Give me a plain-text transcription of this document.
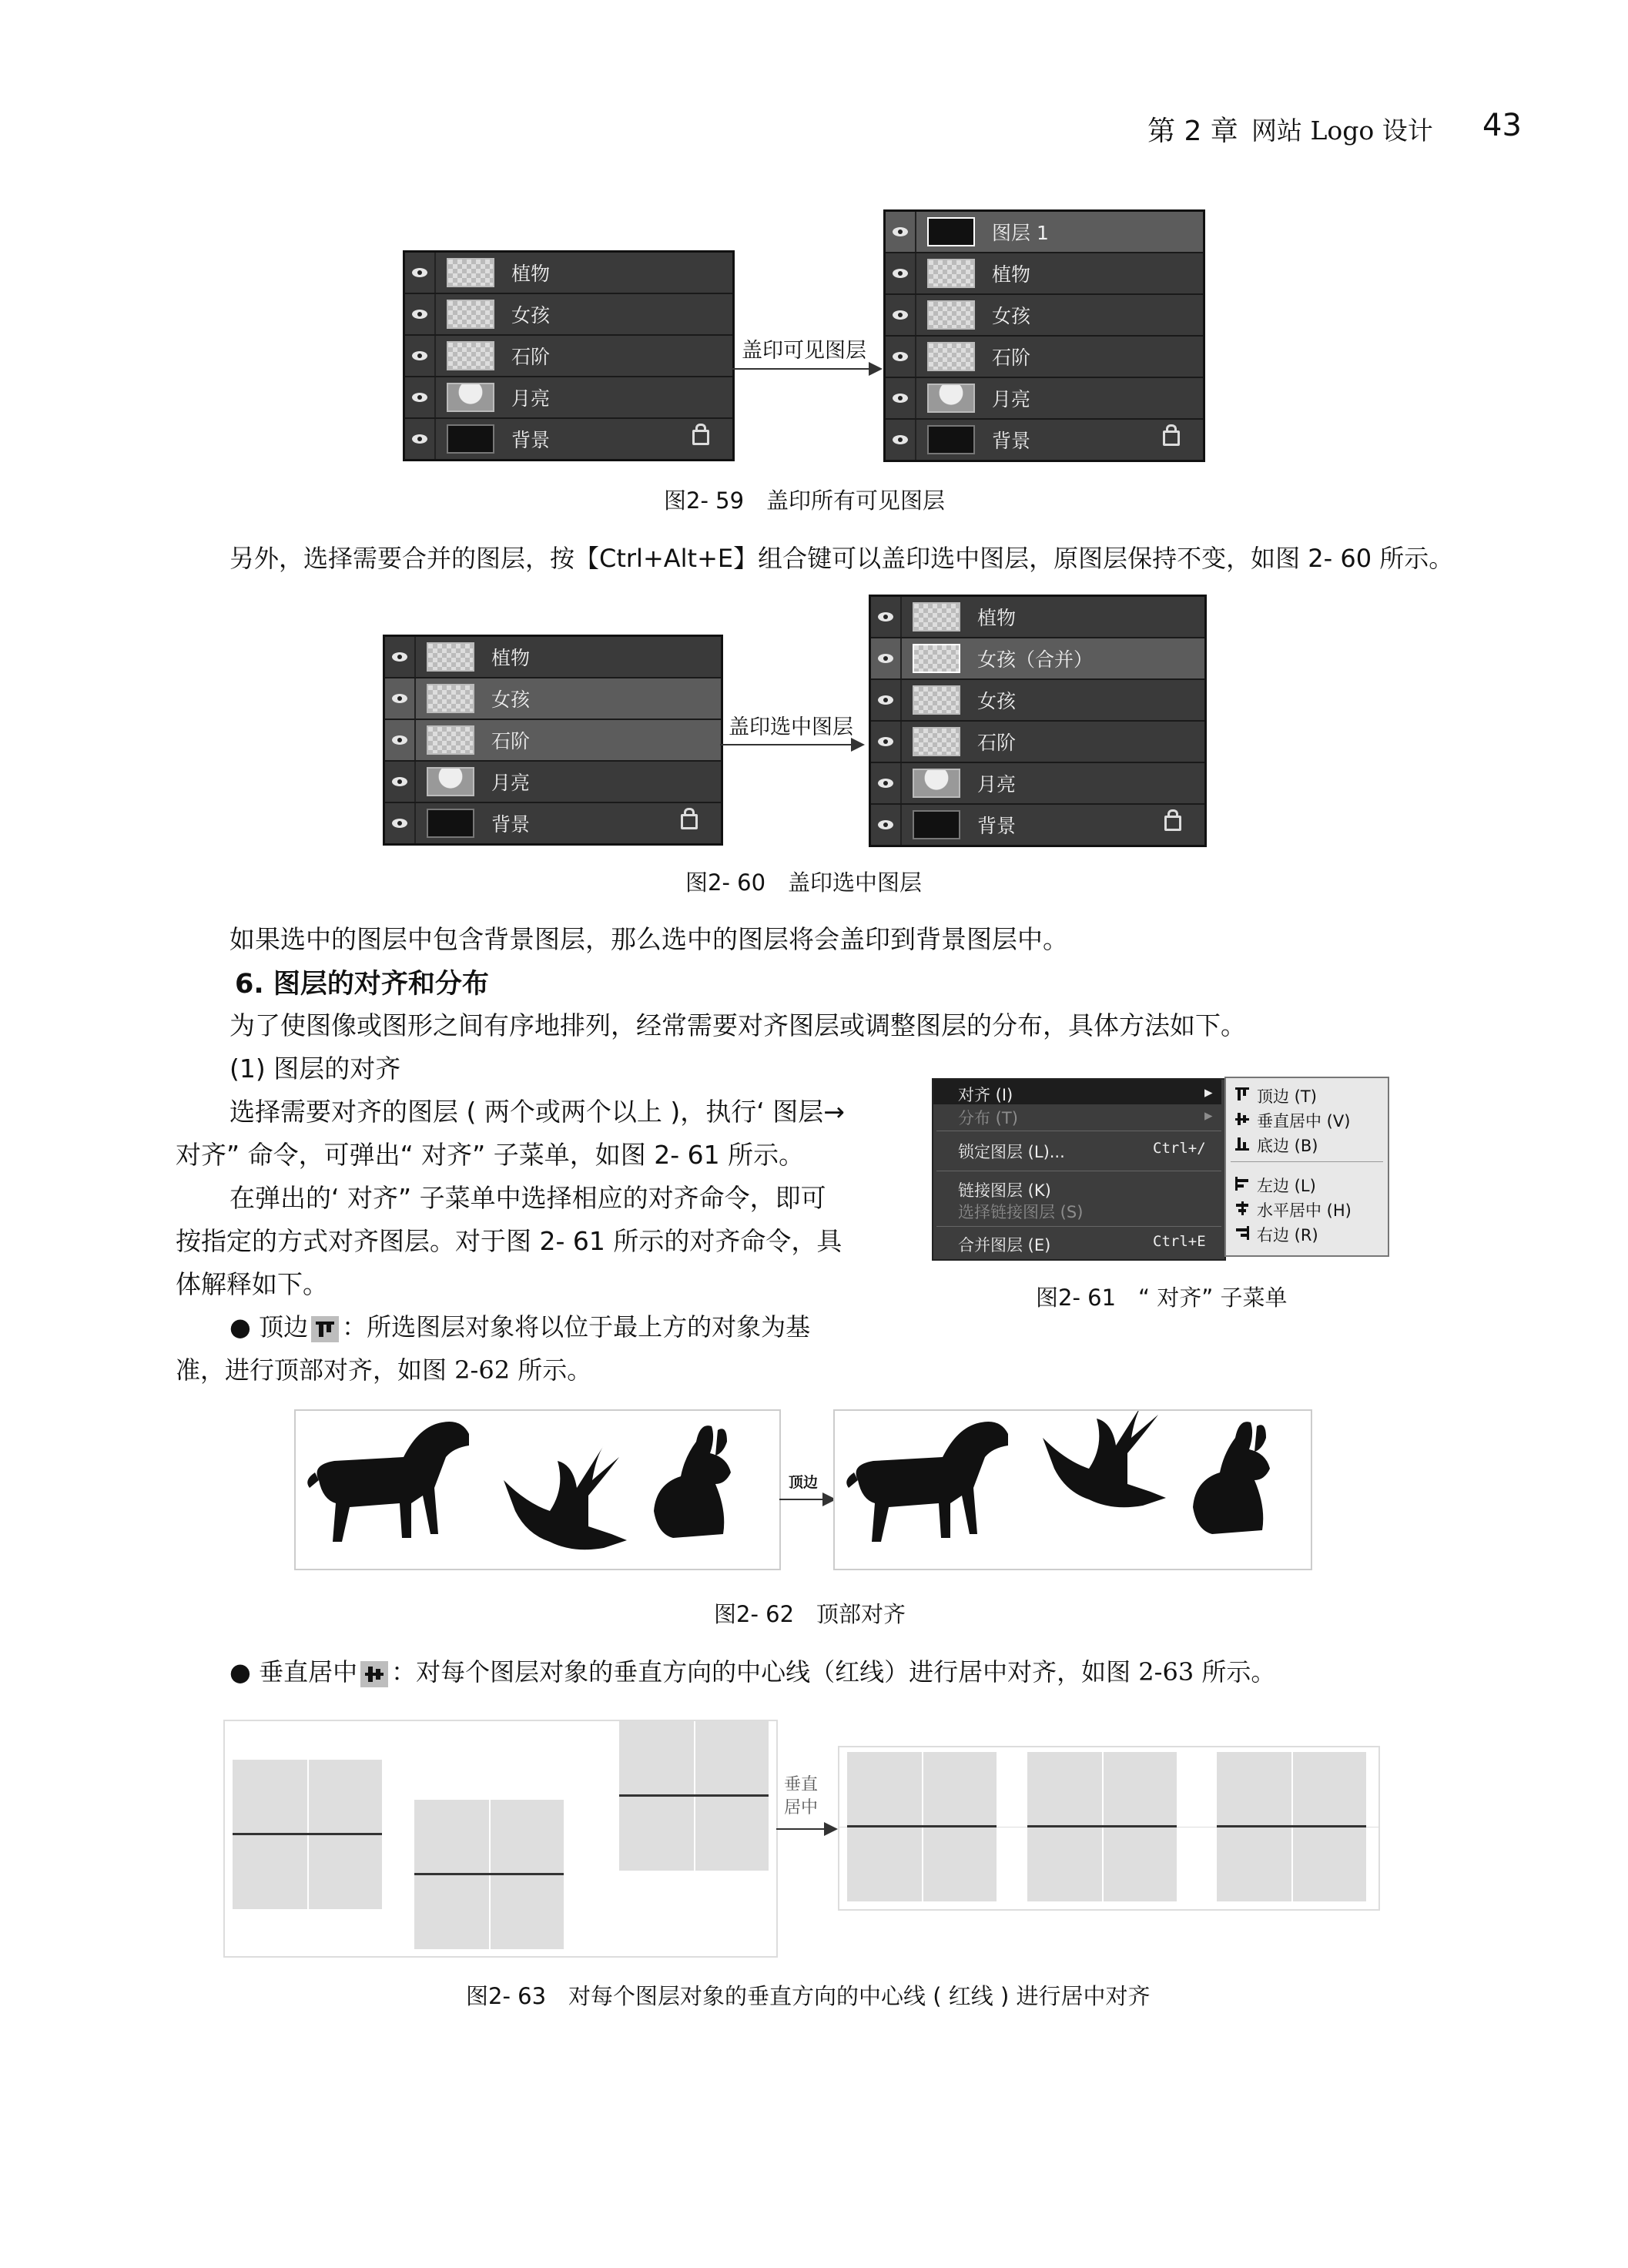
第 2 章 网站 Logo 设计 43
植物
女孩
石阶
月亮
背景
盖印可见图层
图层 1
植物
女孩
石阶
月亮
背景
图2- 59　盖印所有可见图层
另外，选择需要合并的图层，按【Ctrl+Alt+E】组合键可以盖印选中图层，原图层保持不变，如图 2- 60 所示。
植物
女孩
石阶
月亮
背景
盖印选中图层
植物
女孩（合并）
女孩
石阶
月亮
背景
图2- 60　盖印选中图层
如果选中的图层中包含背景图层，那么选中的图层将会盖印到背景图层中。
6. 图层的对齐和分布
为了使图像或图形之间有序地排列，经常需要对齐图层或调整图层的分布，具体方法如下。
(1) 图层的对齐
选择需要对齐的图层 ( 两个或两个以上 )，执行‘ 图层→
对齐” 命令，可弹出“ 对齐” 子菜单，如图 2- 61 所示。
在弹出的‘ 对齐” 子菜单中选择相应的对齐命令，即可
按指定的方式对齐图层。对于图 2- 61 所示的对齐命令，具
体解释如下。
● 顶边 ：所选图层对象将以位于最上方的对象为基
准，进行顶部对齐，如图 2-62 所示。
对齐 (I)	▸
分布 (T)	▸
锁定图层 (L)...	Ctrl+/
链接图层 (K)
选择链接图层 (S)
合并图层 (E)	Ctrl+E
顶边 (T)
垂直居中 (V)
底边 (B)
左边 (L)
水平居中 (H)
右边 (R)
图2- 61　“ 对齐” 子菜单
顶边
图2- 62　顶部对齐
● 垂直居中 ：对每个图层对象的垂直方向的中心线（红线）进行居中对齐，如图 2-63 所示。
垂直
居中
图2- 63　对每个图层对象的垂直方向的中心线 ( 红线 ) 进行居中对齐
